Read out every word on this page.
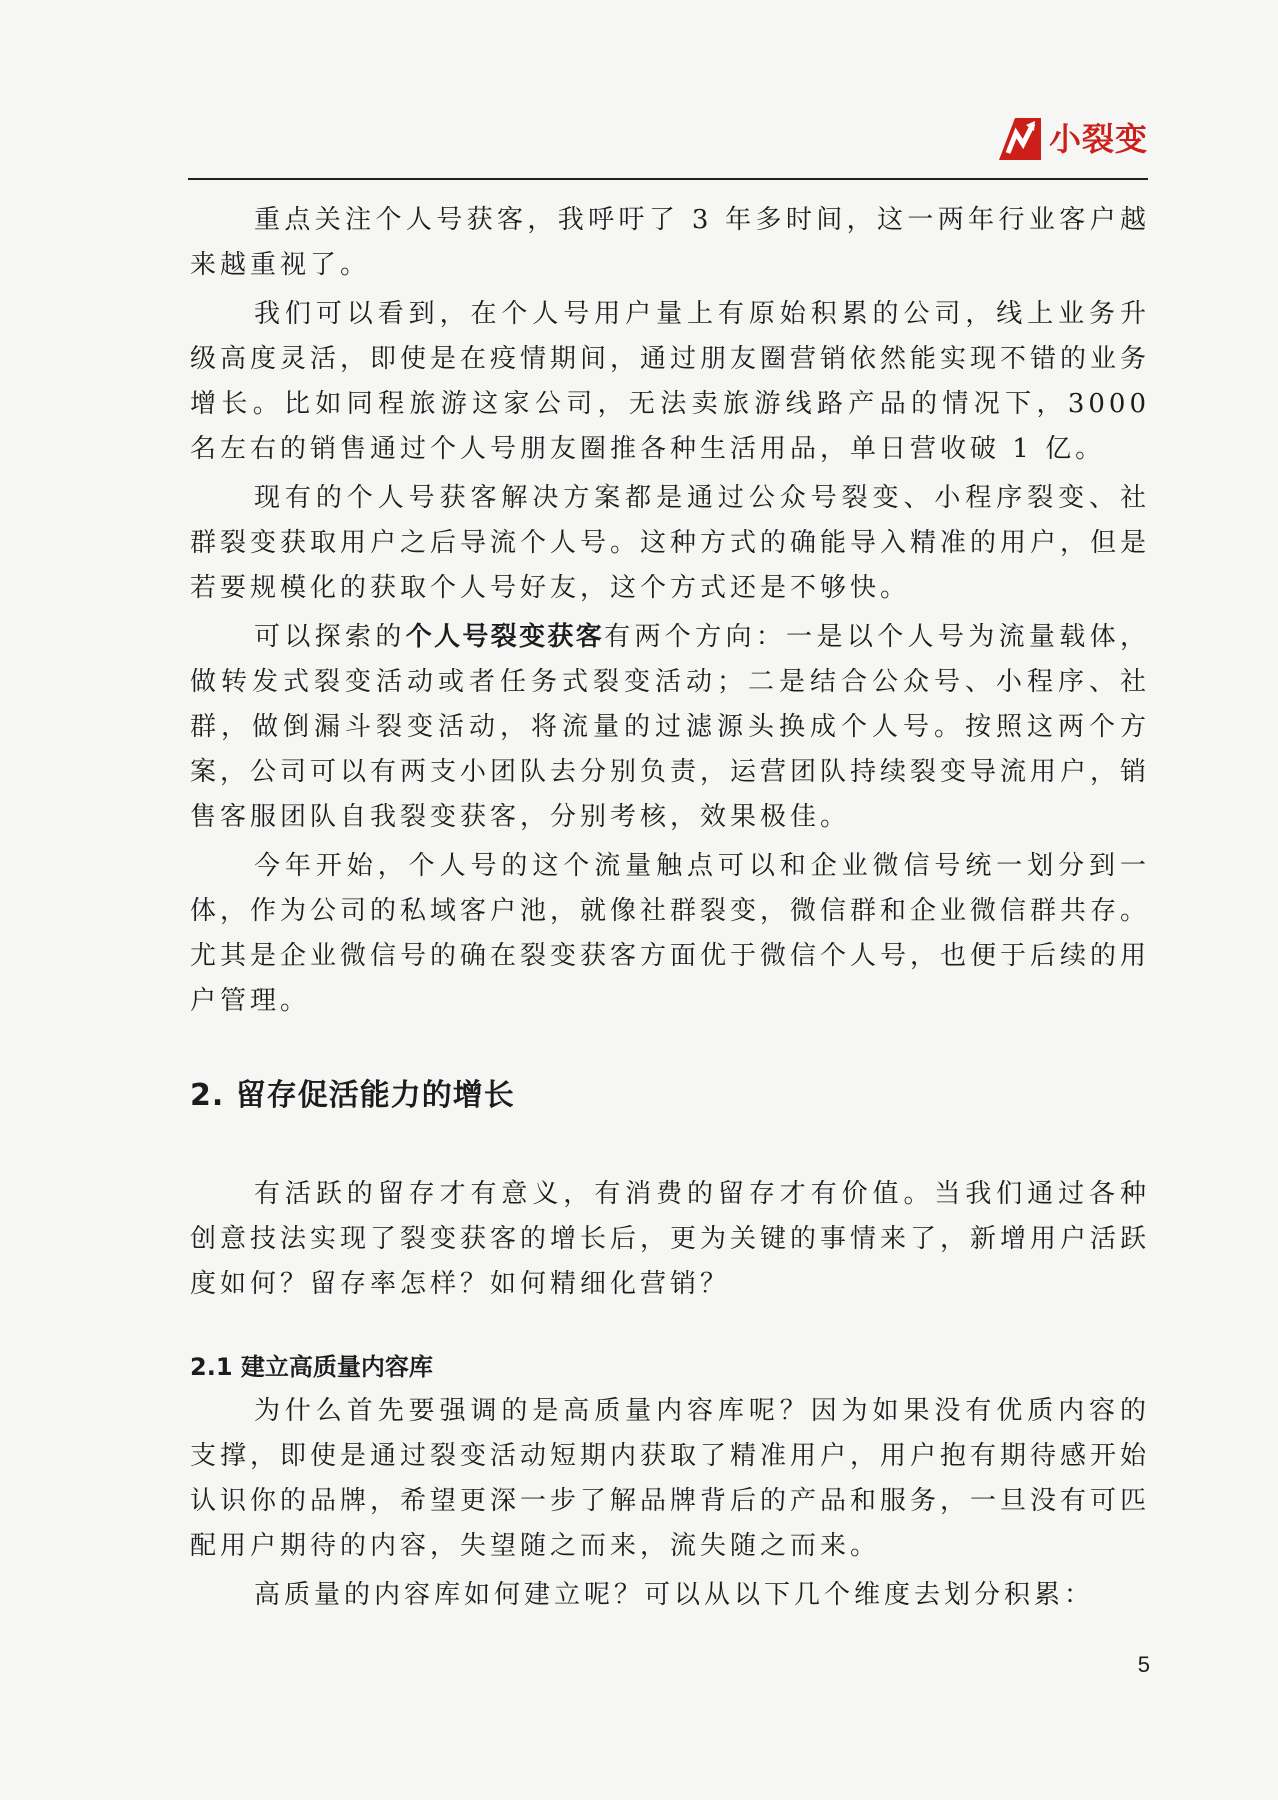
小裂变

重点关注个人号获客，我呼吁了 3 年多时间，这一两年行业客户越来越重视了。

我们可以看到，在个人号用户量上有原始积累的公司，线上业务升级高度灵活，即使是在疫情期间，通过朋友圈营销依然能实现不错的业务增长。比如同程旅游这家公司，无法卖旅游线路产品的情况下，3000 名左右的销售通过个人号朋友圈推各种生活用品，单日营收破 1 亿。

现有的个人号获客解决方案都是通过公众号裂变、小程序裂变、社群裂变获取用户之后导流个人号。这种方式的确能导入精准的用户，但是若要规模化的获取个人号好友，这个方式还是不够快。

可以探索的个人号裂变获客有两个方向：一是以个人号为流量载体，做转发式裂变活动或者任务式裂变活动；二是结合公众号、小程序、社群，做倒漏斗裂变活动，将流量的过滤源头换成个人号。按照这两个方案，公司可以有两支小团队去分别负责，运营团队持续裂变导流用户，销售客服团队自我裂变获客，分别考核，效果极佳。

今年开始，个人号的这个流量触点可以和企业微信号统一划分到一体，作为公司的私域客户池，就像社群裂变，微信群和企业微信群共存。尤其是企业微信号的确在裂变获客方面优于微信个人号，也便于后续的用户管理。

2. 留存促活能力的增长

有活跃的留存才有意义，有消费的留存才有价值。当我们通过各种创意技法实现了裂变获客的增长后，更为关键的事情来了，新增用户活跃度如何？留存率怎样？如何精细化营销？

2.1 建立高质量内容库

为什么首先要强调的是高质量内容库呢？因为如果没有优质内容的支撑，即使是通过裂变活动短期内获取了精准用户，用户抱有期待感开始认识你的品牌，希望更深一步了解品牌背后的产品和服务，一旦没有可匹配用户期待的内容，失望随之而来，流失随之而来。

高质量的内容库如何建立呢？可以从以下几个维度去划分积累：

5
